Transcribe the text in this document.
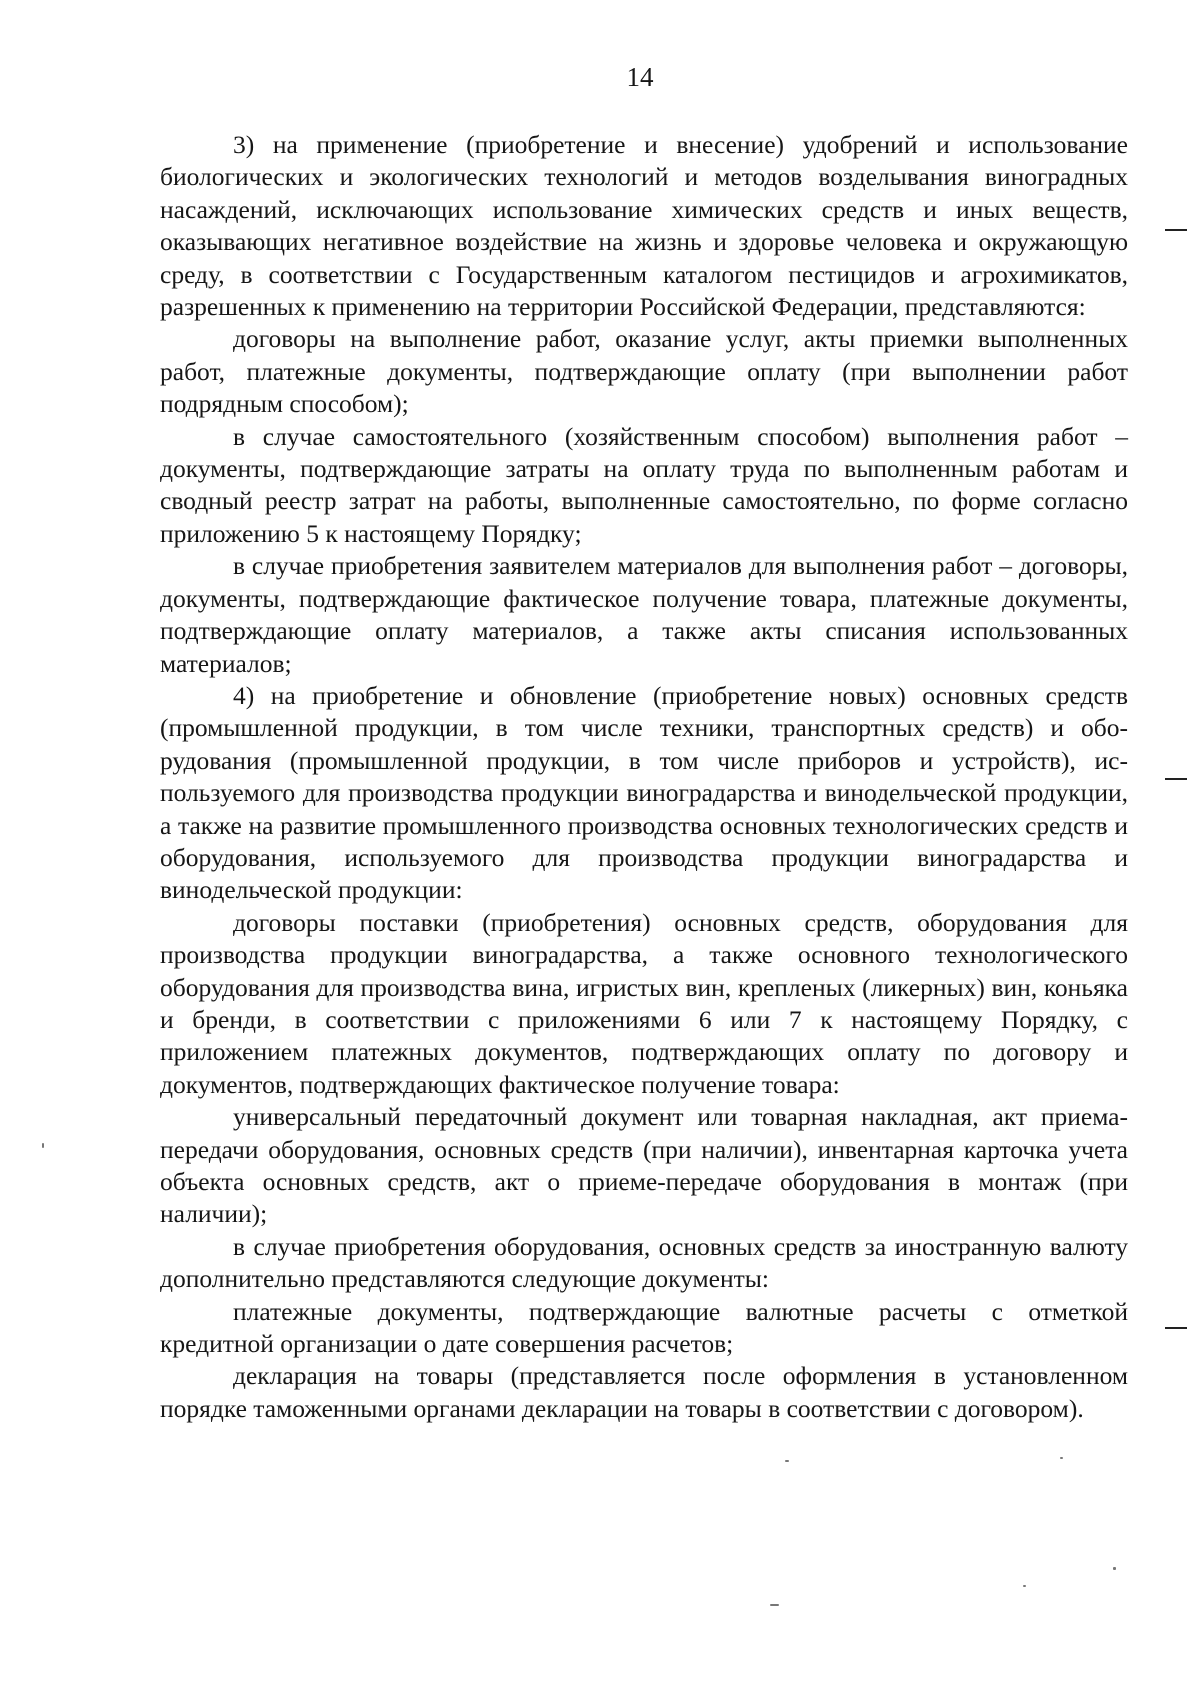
14

3) на применение (приобретение и внесение) удобрений и использование биологических и экологических технологий и методов возделывания виноградных насаждений, исключающих использование химических средств и иных веществ, оказывающих негативное воздействие на жизнь и здоровье человека и окружающую среду, в соответствии с Государственным каталогом пестицидов и агрохимикатов, разрешенных к применению на территории Российской Федерации, представляются:

договоры на выполнение работ, оказание услуг, акты приемки выполненных работ, платежные документы, подтверждающие оплату (при выполнении работ подрядным способом);

в случае самостоятельного (хозяйственным способом) выполнения работ – документы, подтверждающие затраты на оплату труда по выполненным работам и сводный реестр затрат на работы, выполненные самостоятельно, по форме согласно приложению 5 к настоящему Порядку;

в случае приобретения заявителем материалов для выполнения работ – договоры, документы, подтверждающие фактическое получение товара, платежные документы, подтверждающие оплату материалов, а также акты списания использованных материалов;

4) на приобретение и обновление (приобретение новых) основных средств (промышленной продукции, в том числе техники, транспортных средств) и оборудования (промышленной продукции, в том числе приборов и устройств), используемого для производства продукции виноградарства и винодельческой продукции, а также на развитие промышленного производства основных технологических средств и оборудования, используемого для производства продукции виноградарства и винодельческой продукции:

договоры поставки (приобретения) основных средств, оборудования для производства продукции виноградарства, а также основного технологического оборудования для производства вина, игристых вин, крепленых (ликерных) вин, коньяка и бренди, в соответствии с приложениями 6 или 7 к настоящему Порядку, с приложением платежных документов, подтверждающих оплату по договору и документов, подтверждающих фактическое получение товара:

универсальный передаточный документ или товарная накладная, акт приема-передачи оборудования, основных средств (при наличии), инвентарная карточка учета объекта основных средств, акт о приеме-передаче оборудования в монтаж (при наличии);

в случае приобретения оборудования, основных средств за иностранную валюту дополнительно представляются следующие документы:

платежные документы, подтверждающие валютные расчеты с отметкой кредитной организации о дате совершения расчетов;

декларация на товары (представляется после оформления в установленном порядке таможенными органами декларации на товары в соответствии с договором).
